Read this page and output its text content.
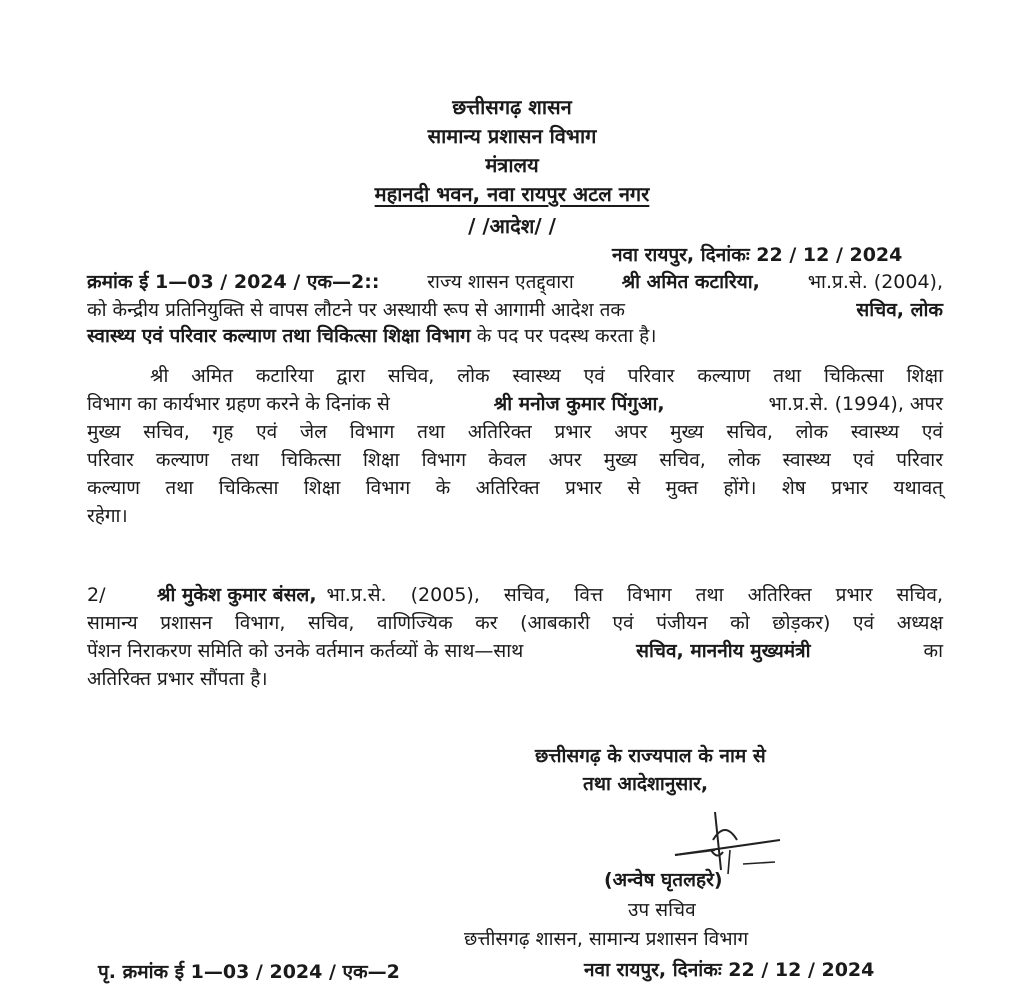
छत्तीसगढ़ शासन
सामान्य प्रशासन विभाग
मंत्रालय
महानदी भवन, नवा रायपुर अटल नगर
/ /आदेश/ /
नवा रायपुर, दिनांकः 22 / 12 / 2024
क्रमांक ई 1—03 / 2024 / एक—2::	राज्य शासन एतद्द्वारा	श्री अमित कटारिया,	भा.प्र.से. (2004),
को केन्द्रीय प्रतिनियुक्ति से वापस लौटने पर अस्थायी रूप से आगामी आदेश तक	सचिव, लोक
स्वास्थ्य एवं परिवार कल्याण तथा चिकित्सा शिक्षा विभाग के पद पर पदस्थ करता है।
श्री अमित कटारिया द्वारा सचिव, लोक स्वास्थ्य एवं परिवार कल्याण तथा चिकित्सा शिक्षा
विभाग का कार्यभार ग्रहण करने के दिनांक से	श्री मनोज कुमार पिंगुआ,	भा.प्र.से. (1994), अपर
मुख्य सचिव, गृह एवं जेल विभाग तथा अतिरिक्त प्रभार अपर मुख्य सचिव, लोक स्वास्थ्य एवं
परिवार कल्याण तथा चिकित्सा शिक्षा विभाग केवल अपर मुख्य सचिव, लोक स्वास्थ्य एवं परिवार
कल्याण तथा चिकित्सा शिक्षा विभाग के अतिरिक्त प्रभार से मुक्त होंगे। शेष प्रभार यथावत्
रहेगा।
2/	श्री मुकेश कुमार बंसल, भा.प्र.से. (2005), सचिव, वित्त विभाग तथा अतिरिक्त प्रभार सचिव,
सामान्य प्रशासन विभाग, सचिव, वाणिज्यिक कर (आबकारी एवं पंजीयन को छोड़कर) एवं अध्यक्ष
पेंशन निराकरण समिति को उनके वर्तमान कर्तव्यों के साथ—साथ	सचिव, माननीय मुख्यमंत्री	का
अतिरिक्त प्रभार सौंपता है।
छत्तीसगढ़ के राज्यपाल के नाम से
तथा आदेशानुसार,
(अन्वेष घृतलहरे)
उप सचिव
छत्तीसगढ़ शासन, सामान्य प्रशासन विभाग
नवा रायपुर, दिनांकः 22 / 12 / 2024
पृ. क्रमांक ई 1—03 / 2024 / एक—2
